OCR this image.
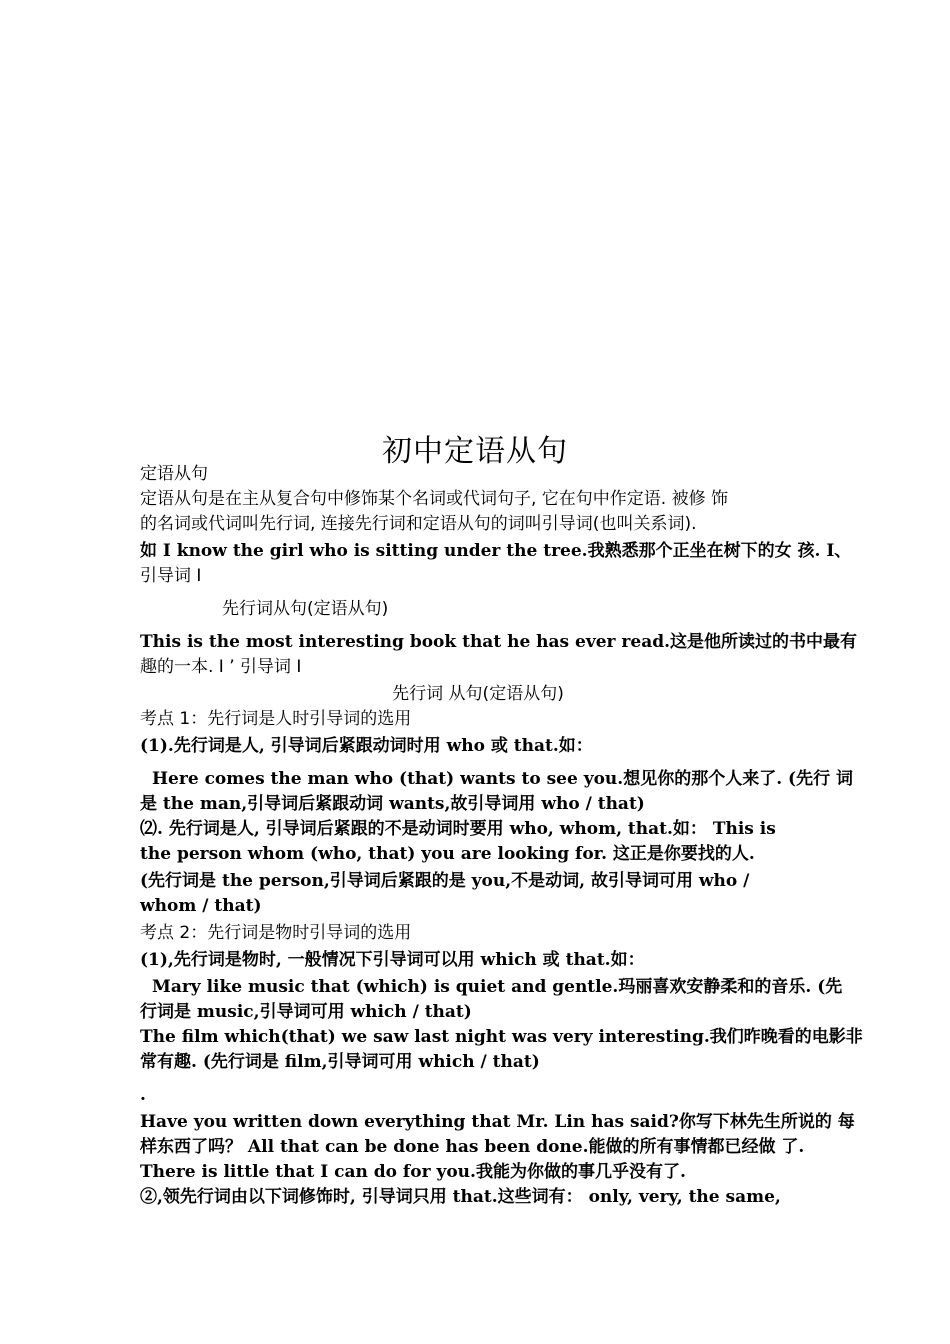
初中定语从句
定语从句
定语从句是在主从复合句中修饰某个名词或代词句子, 它在句中作定语. 被修 饰
的名词或代词叫先行词, 连接先行词和定语从句的词叫引导词(也叫关系词).
如 I know the girl who is sitting under the tree.我熟悉那个正坐在树下的女 孩. I、
引导词 I
先行词从句(定语从句)
This is the most interesting book that he has ever read.这是他所读过的书中最有
趣的一本. I ’ 引导词 I
先行词 从句(定语从句)
考点 1：先行词是人时引导词的选用
(1).先行词是人, 引导词后紧跟动词时用 who 或 that.如：
Here comes the man who (that) wants to see you.想见你的那个人来了. (先行 词
是 the man,引导词后紧跟动词 wants,故引导词用 who / that)
⑵. 先行词是人, 引导词后紧跟的不是动词时要用 who, whom, that.如： This is
the person whom (who, that) you are looking for. 这正是你要找的人.
(先行词是 the person,引导词后紧跟的是 you,不是动词, 故引导词可用 who /
whom / that)
考点 2：先行词是物时引导词的选用
(1),先行词是物时, 一般情况下引导词可以用 which 或 that.如：
Mary like music that (which) is quiet and gentle.玛丽喜欢安静柔和的音乐. (先
行词是 music,引导词可用 which / that)
The film which(that) we saw last night was very interesting.我们昨晚看的电影非
常有趣. (先行词是 film,引导词可用 which / that)
.
Have you written down everything that Mr. Lin has said?你写下林先生所说的 每
样东西了吗？ All that can be done has been done.能做的所有事情都已经做 了.
There is little that I can do for you.我能为你做的事几乎没有了.
②,领先行词由以下词修饰时, 引导词只用 that.这些词有： only, very, the same,
